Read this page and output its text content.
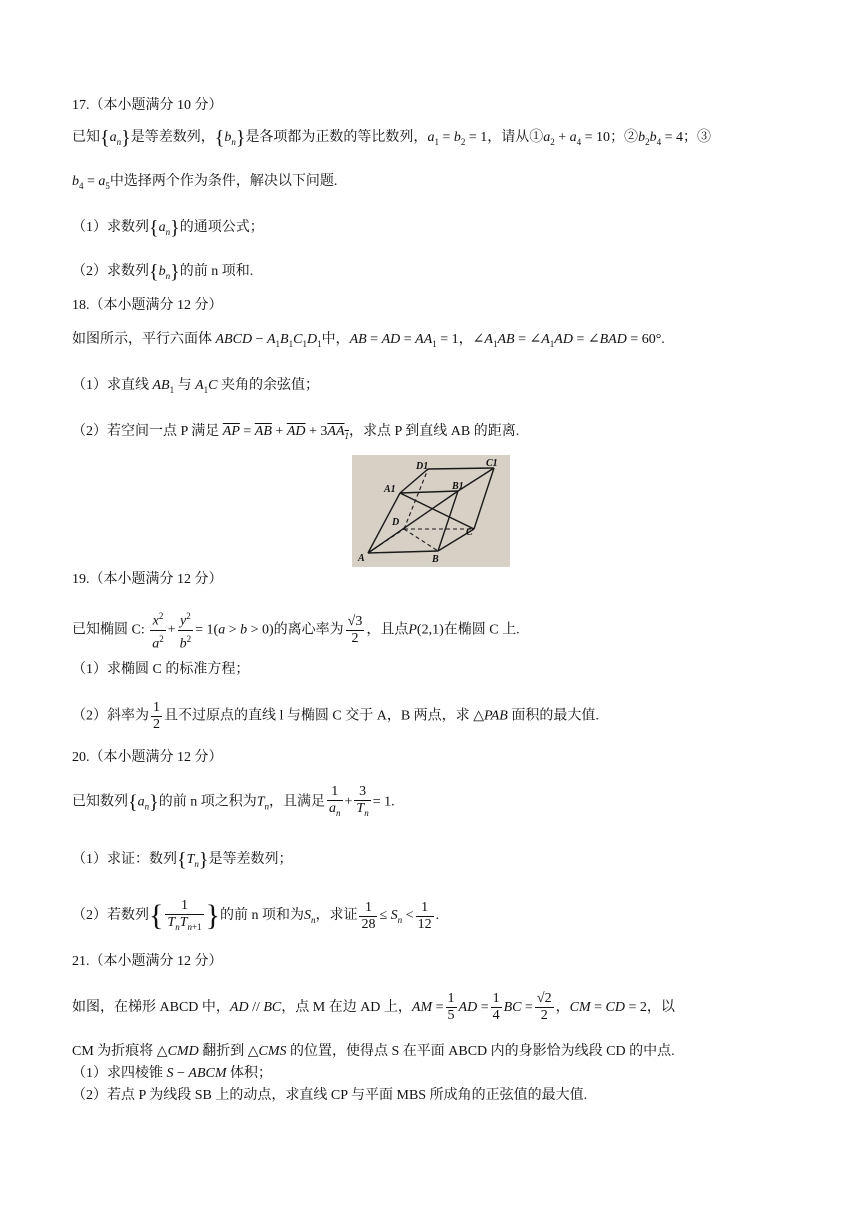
17.（本小题满分 10 分）
已知$\{a_n\}$是等差数列，$\{b_n\}$是各项都为正数的等比数列，$a_1 = b_2 = 1$，请从$①a_2 + a_4 = 10$；$②b_2b_4 = 4$；③
$b_4 = a_5$中选择两个作为条件，解决以下问题.
（1）求数列$\{a_n\}$的通项公式；
（2）求数列$\{b_n\}$的前 n 项和.
18.（本小题满分 12 分）
如图所示，平行六面体 ABCD − $A_1B_1C_1D_1$中，AB = AD = $AA_1 = 1$，$\angle A_1AB$ = $\angle A_1AD$ = ∠BAD = 60°.
（1）求直线 $AB_1$ 与 $A_1C$ 夹角的余弦值；
（2）若空间一点 P 满足 $\overline{AP} = \overline{AB} + \overline{AD} + 3AA_1$，求点 P 到直线 AB 的距离.
D1	C1
A1	B1
D
C
A	B
19.（本小题满分 12 分）
已知椭圆 C: $\frac{x^2}{a^2} + \frac{y^2}{b^2} = 1(a > b > 0)$的离心率为 $\frac{√3}{2}$ ，且点P(2,1)在椭圆 C 上.
（1）求椭圆 C 的标准方程；
（2）斜率为 $\frac{1}{2}$ 且不过原点的直线 l 与椭圆 C 交于 A，B 两点，求 △PAB 面积的最大值.
20.（本小题满分 12 分）
已知数列$\{a_n\}$的前 n 项之积为$T_n$，且满足 $\frac{1}{a_n} + \frac{3}{T_n} = 1$.
（1）求证：数列$\{T_n\}$是等差数列；
（2）若数列{ $\frac{1}{T_nT_{n+1}}$ }的前 n 项和为$S_n$，求证 $\frac{1}{28} \le S_n < \frac{1}{12}$ .
21.（本小题满分 12 分）
如图，在梯形 ABCD 中，AD // BC，点 M 在边 AD 上，AM = $\frac{1}{5}$ AD = $\frac{1}{4}$ BC = $\frac{√2}{2}$ ，CM = CD = 2，以
CM 为折痕将 △CMD 翻折到 △CMS 的位置，使得点 S 在平面 ABCD 内的身影恰为线段 CD 的中点.
（1）求四棱锥 S − ABCM 体积；
（2）若点 P 为线段 SB 上的动点，求直线 CP 与平面 MBS 所成角的正弦值的最大值.
